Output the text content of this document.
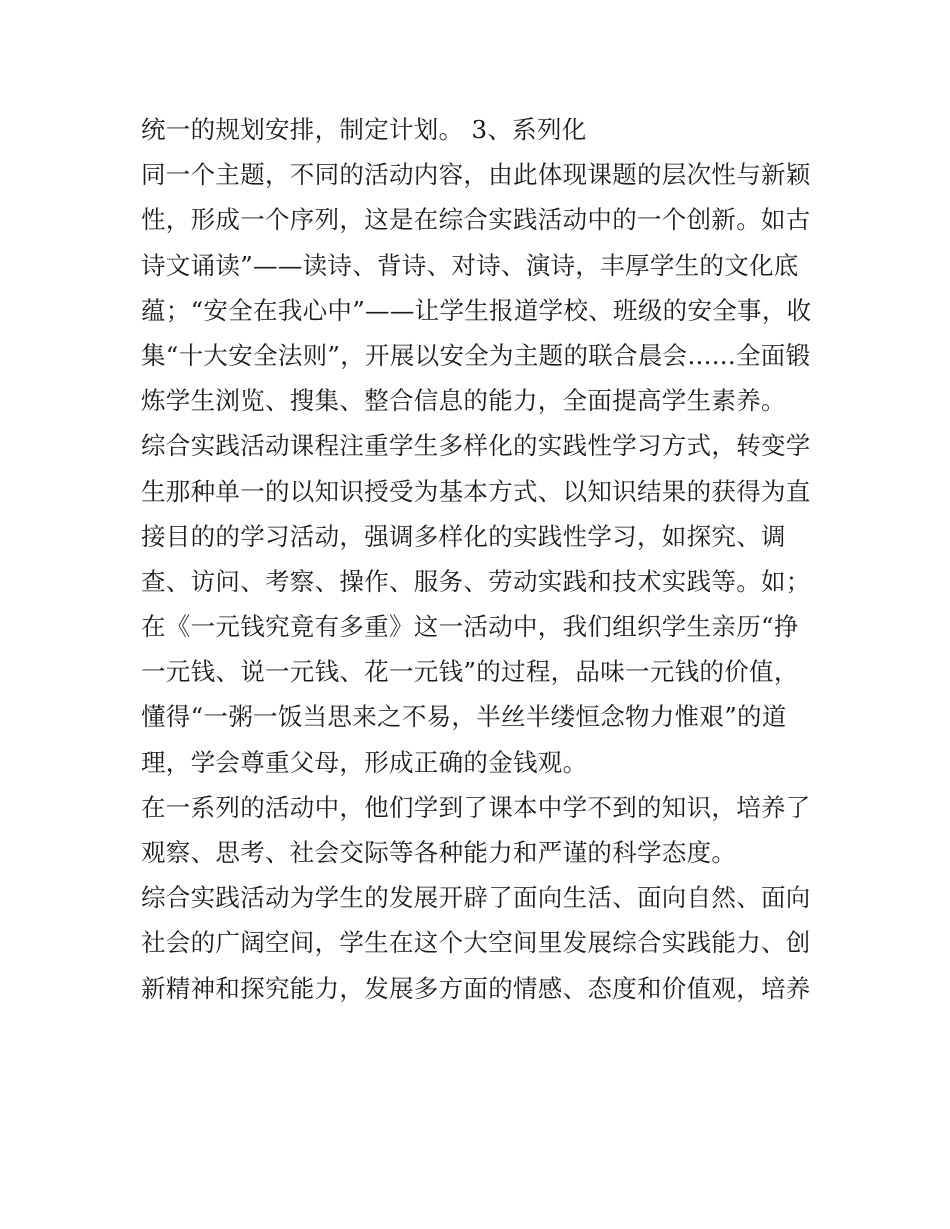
统一的规划安排，制定计划。 3、系列化
同一个主题，不同的活动内容，由此体现课题的层次性与新颖
性，形成一个序列，这是在综合实践活动中的一个创新。如古
诗文诵读”——读诗、背诗、对诗、演诗，丰厚学生的文化底
蕴；“安全在我心中”——让学生报道学校、班级的安全事，收
集“十大安全法则”，开展以安全为主题的联合晨会......全面锻
炼学生浏览、搜集、整合信息的能力，全面提高学生素养。
综合实践活动课程注重学生多样化的实践性学习方式，转变学
生那种单一的以知识授受为基本方式、以知识结果的获得为直
接目的的学习活动，强调多样化的实践性学习，如探究、调
查、访问、考察、操作、服务、劳动实践和技术实践等。如；
在《一元钱究竟有多重》这一活动中，我们组织学生亲历“挣
一元钱、说一元钱、花一元钱”的过程，品味一元钱的价值，
懂得“一粥一饭当思来之不易，半丝半缕恒念物力惟艰”的道
理，学会尊重父母，形成正确的金钱观。
在一系列的活动中，他们学到了课本中学不到的知识，培养了
观察、思考、社会交际等各种能力和严谨的科学态度。
综合实践活动为学生的发展开辟了面向生活、面向自然、面向
社会的广阔空间，学生在这个大空间里发展综合实践能力、创
新精神和探究能力，发展多方面的情感、态度和价值观，培养
